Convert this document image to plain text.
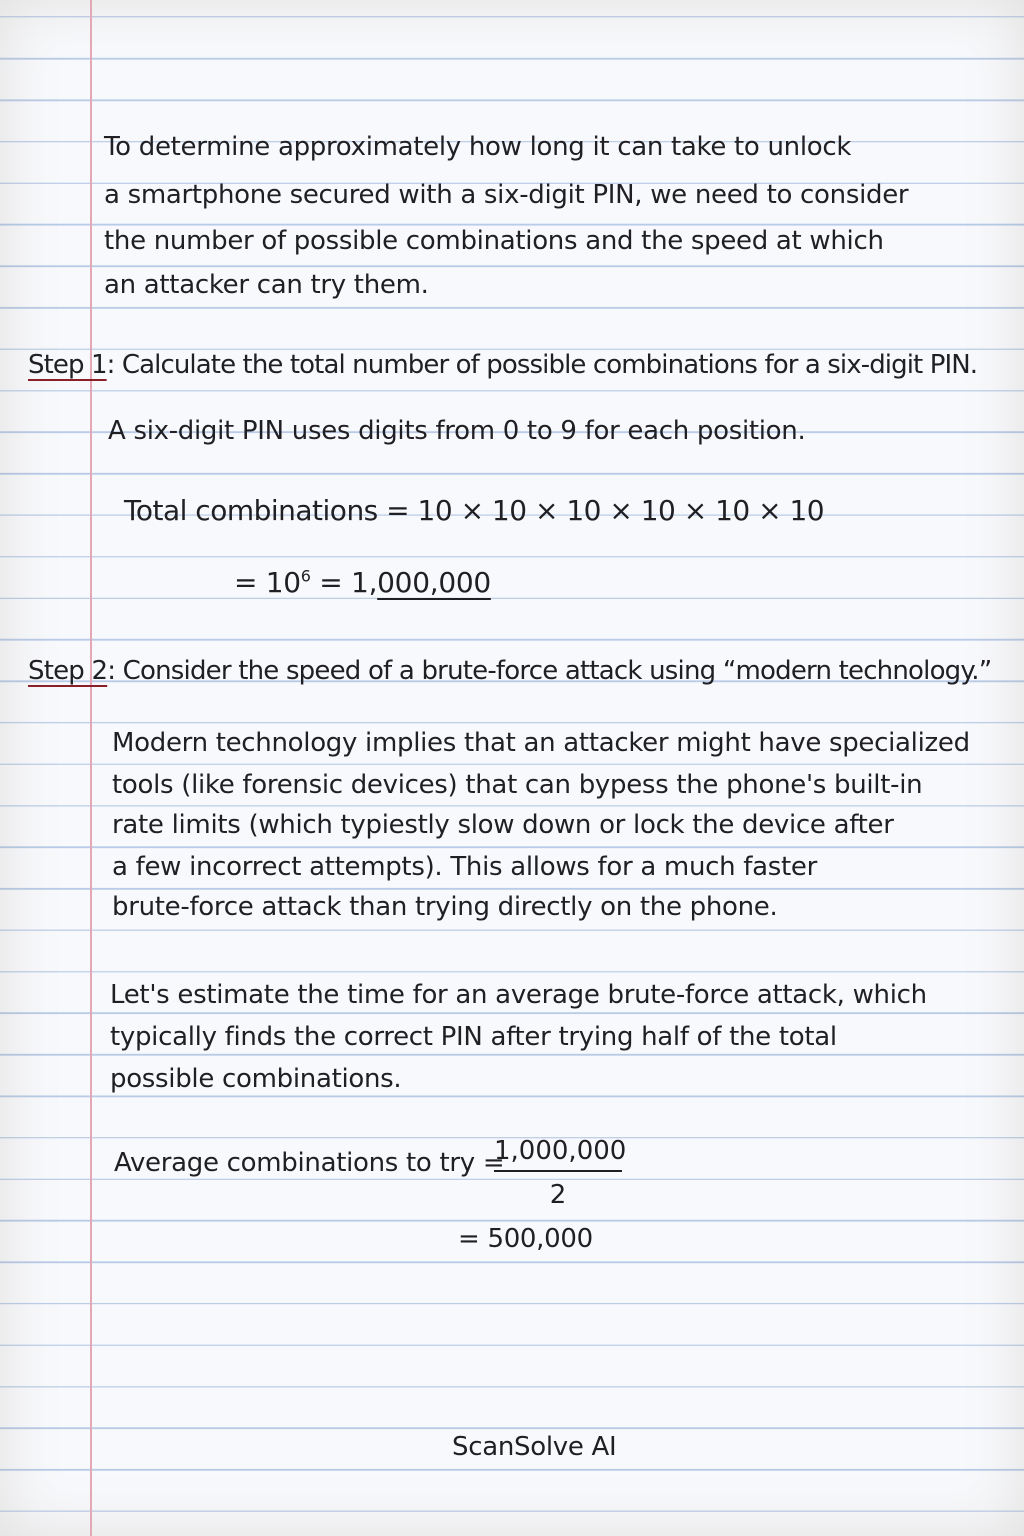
To determine approximately how long it can take to unlock
a smartphone secured with a six-digit PIN, we need to consider
the number of possible combinations and the speed at which
an attacker can try them.
Step 1: Calculate the total number of possible combinations for a six-digit PIN.
A six-digit PIN uses digits from 0 to 9 for each position.
Total combinations = 10 × 10 × 10 × 10 × 10 × 10
= $10^6 = 1,000,000$
Step 2: Consider the speed of a brute-force attack using “modern technology.”
Modern technology implies that an attacker might have specialized
tools (like forensic devices) that can bypess the phone's built-in
rate limits (which typiestly slow down or lock the device after
a few incorrect attempts). This allows for a much faster
brute-force attack than trying directly on the phone.
Let's estimate the time for an average brute-force attack, which
typically finds the correct PIN after trying half of the total
possible combinations.
Average combinations to try =
$\frac{1,000,000}{2}$
= 500,000
ScanSolve AI
